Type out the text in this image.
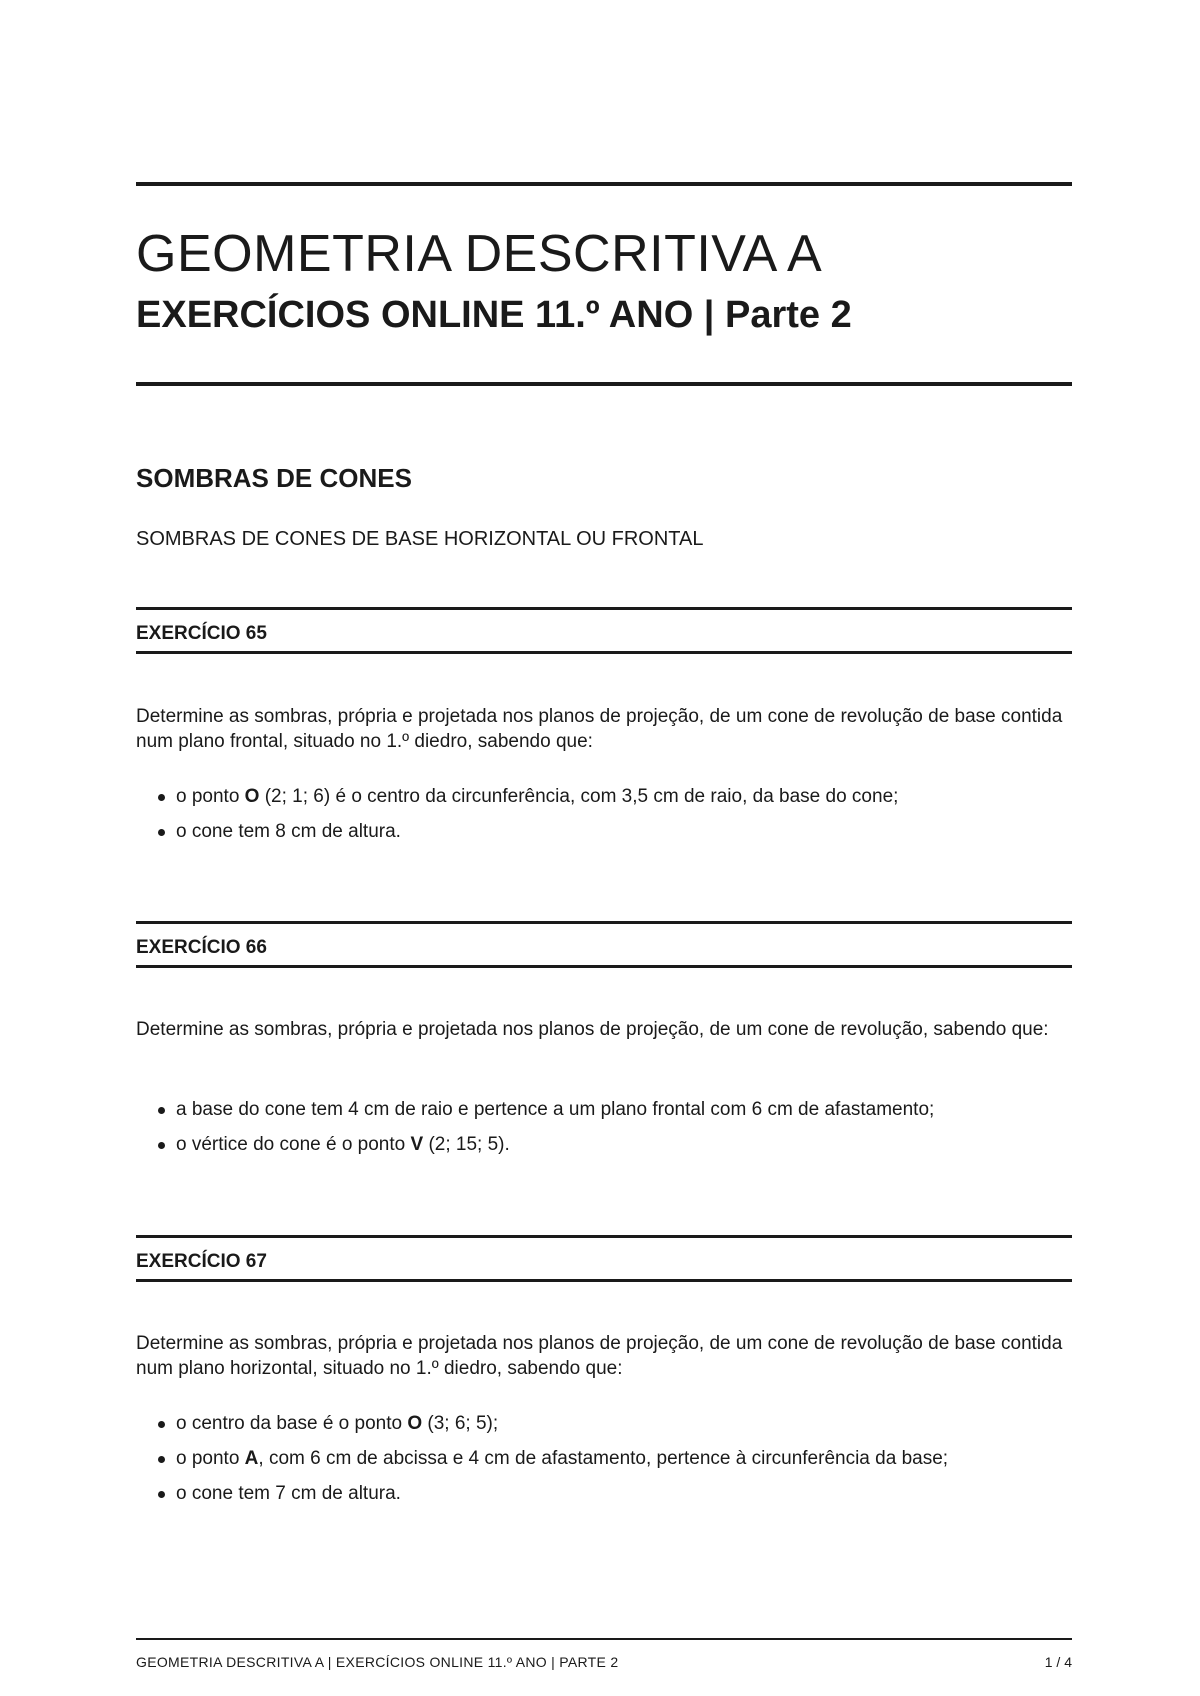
GEOMETRIA DESCRITIVA A
EXERCÍCIOS ONLINE 11.º ANO | Parte 2
SOMBRAS DE CONES
SOMBRAS DE CONES DE BASE HORIZONTAL OU FRONTAL
EXERCÍCIO 65

Determine as sombras, própria e projetada nos planos de projeção, de um cone de revolução de base contida num plano frontal, situado no 1.º diedro, sabendo que:

o ponto O (2; 1; 6) é o centro da circunferência, com 3,5 cm de raio, da base do cone;
o cone tem 8 cm de altura.
EXERCÍCIO 66

Determine as sombras, própria e projetada nos planos de projeção, de um cone de revolução, sabendo que:

a base do cone tem 4 cm de raio e pertence a um plano frontal com 6 cm de afastamento;
o vértice do cone é o ponto V (2; 15; 5).
EXERCÍCIO 67

Determine as sombras, própria e projetada nos planos de projeção, de um cone de revolução de base contida num plano horizontal, situado no 1.º diedro, sabendo que:

o centro da base é o ponto O (3; 6; 5);
o ponto A, com 6 cm de abcissa e 4 cm de afastamento, pertence à circunferência da base;
o cone tem 7 cm de altura.
GEOMETRIA DESCRITIVA A | EXERCÍCIOS ONLINE 11.º ANO | PARTE 2	1 / 4
